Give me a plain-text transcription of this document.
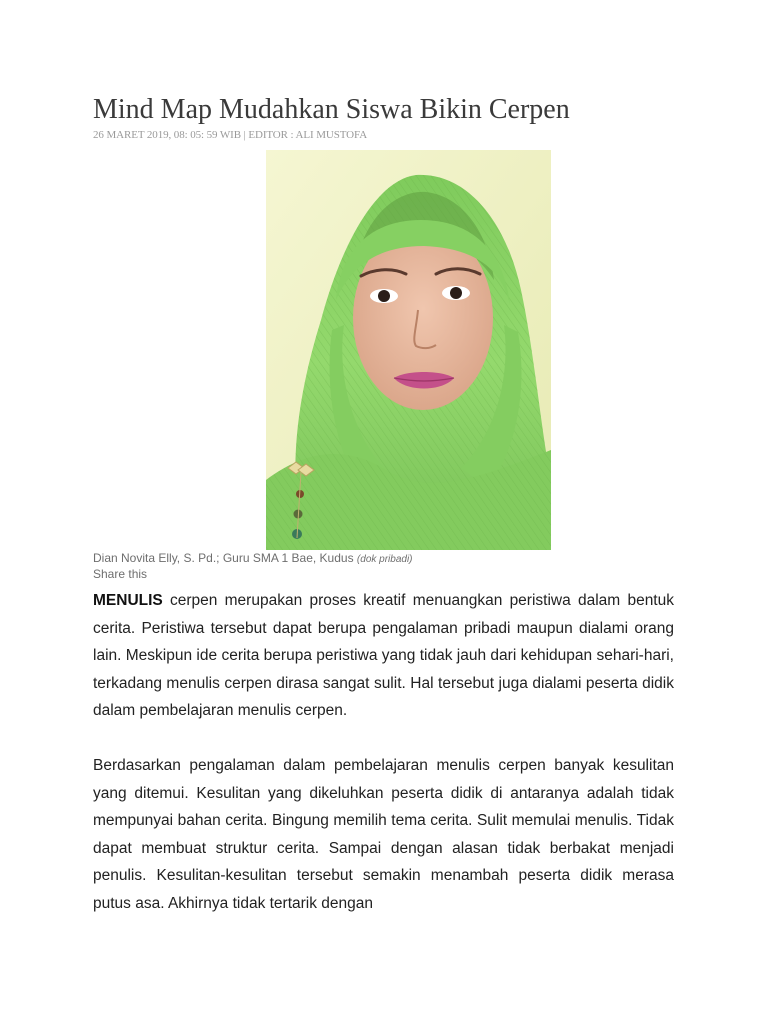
Mind Map Mudahkan Siswa Bikin Cerpen
26 MARET 2019, 08: 05: 59 WIB | EDITOR : ALI MUSTOFA
Dian Novita Elly, S. Pd.; Guru SMA 1 Bae, Kudus (dok pribadi)
Share this

MENULIS cerpen merupakan proses kreatif menuangkan peristiwa dalam bentuk cerita. Peristiwa tersebut dapat berupa pengalaman pribadi maupun dialami orang lain. Meskipun ide cerita berupa peristiwa yang tidak jauh dari kehidupan sehari-hari, terkadang menulis cerpen dirasa sangat sulit. Hal tersebut juga dialami peserta didik dalam pembelajaran menulis cerpen.

Berdasarkan pengalaman dalam pembelajaran menulis cerpen banyak kesulitan yang ditemui. Kesulitan yang dikeluhkan peserta didik di antaranya adalah tidak mempunyai bahan cerita. Bingung memilih tema cerita. Sulit memulai menulis. Tidak dapat membuat struktur cerita. Sampai dengan alasan tidak berbakat menjadi penulis. Kesulitan-kesulitan tersebut semakin menambah peserta didik merasa putus asa. Akhirnya tidak tertarik dengan
